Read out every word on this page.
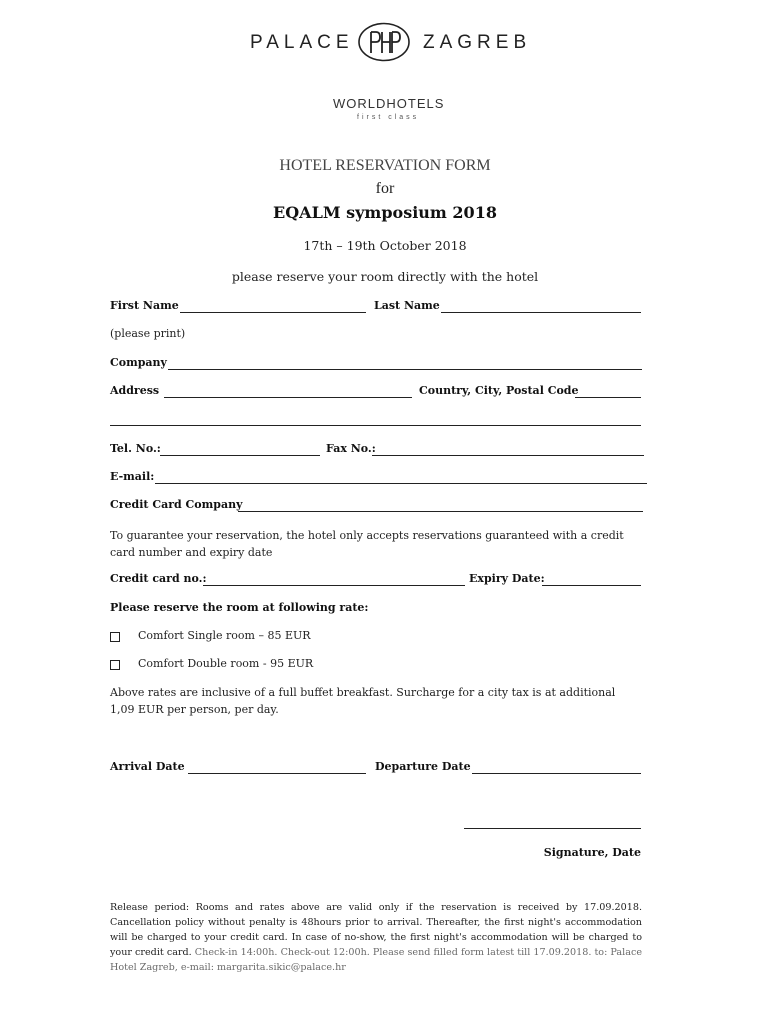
PALACE	ZAGREB
WORLDHOTELS
first class
HOTEL RESERVATION FORM
for
EQALM symposium 2018
17th – 19th October 2018
please reserve your room directly with the hotel
First Name	Last Name
(please print)
Company
Address	Country, City, Postal Code
Tel. No.:	Fax No.:
E-mail:
Credit Card Company
To guarantee your reservation, the hotel only accepts reservations guaranteed with a credit card number and expiry date
Credit card no.:	Expiry Date:
Please reserve the room at following rate:
Comfort Single room – 85 EUR
Comfort Double room - 95 EUR
Above rates are inclusive of a full buffet breakfast. Surcharge for a city tax is at additional
1,09 EUR per person, per day.
Arrival Date	Departure Date
Signature, Date
Release period: Rooms and rates above are valid only if the reservation is received by 17.09.2018. Cancellation policy without penalty is 48hours prior to arrival. Thereafter, the first night's accommodation will be charged to your credit card. In case of no-show, the first night's accommodation will be charged to your credit card. Check-in 14:00h. Check-out 12:00h. Please send filled form latest till 17.09.2018. to: Palace Hotel Zagreb, e-mail: margarita.sikic@palace.hr
